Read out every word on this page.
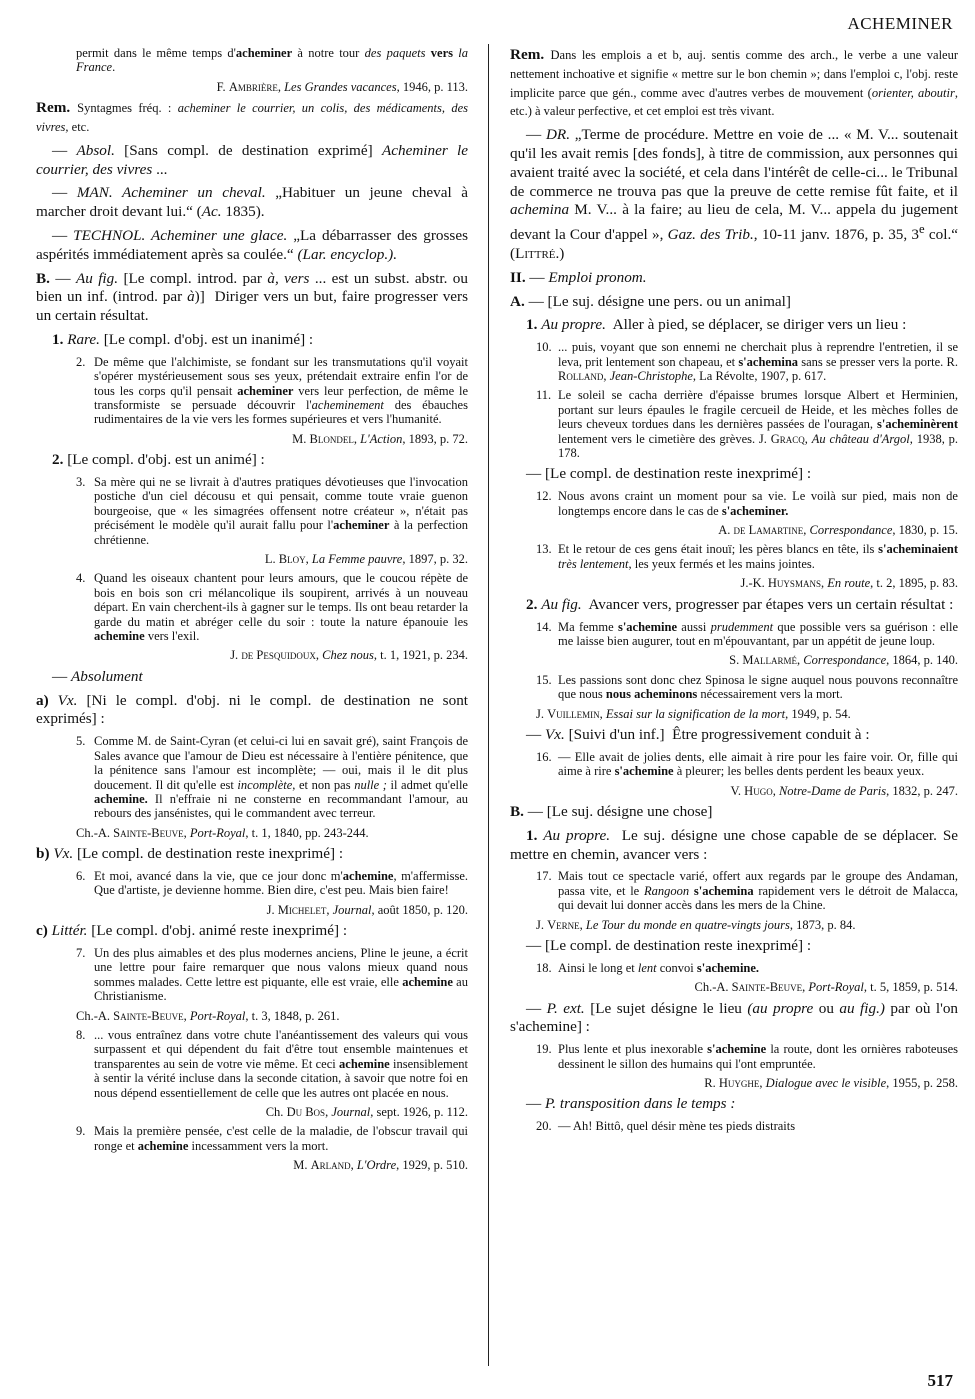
ACHEMINER
permit dans le même temps d'acheminer à notre tour des paquets vers la France.
F. Ambrière, Les Grandes vacances, 1946, p. 113.
Rem. Syntagmes fréq. : acheminer le courrier, un colis, des médicaments, des vivres, etc.
— Absol. [Sans compl. de destination exprimé] Acheminer le courrier, des vivres ...
— MAN. Acheminer un cheval. „Habituer un jeune cheval à marcher droit devant lui.“ (Ac. 1835).
— TECHNOL. Acheminer une glace. „La débarrasser des grosses aspérités immédiatement après sa coulée.“ (Lar. encyclop.).
B. — Au fig. [Le compl. introd. par à, vers ... est un subst. abstr. ou bien un inf. (introd. par à)]  Diriger vers un but, faire progresser vers un certain résultat.
1. Rare. [Le compl. d'obj. est un inanimé] :
2. De même que l'alchimiste, se fondant sur les transmutations qu'il voyait s'opérer mystérieusement sous ses yeux, prétendait extraire enfin l'or de tous les corps qu'il pensait acheminer vers leur perfection, de même le transformiste se persuade découvrir l'acheminement des ébauches rudimentaires de la vie vers les formes supérieures et vers l'humanité.
M. Blondel, L'Action, 1893, p. 72.
2. [Le compl. d'obj. est un animé] :
3. Sa mère qui ne se livrait à d'autres pratiques dévotieuses que l'invocation postiche d'un ciel décousu et qui pensait, comme toute vraie guenon bourgeoise, que « les simagrées offensent notre créateur », n'était pas précisément le modèle qu'il aurait fallu pour l'acheminer à la perfection chrétienne.
L. Bloy, La Femme pauvre, 1897, p. 32.
4. Quand les oiseaux chantent pour leurs amours, que le coucou répète de bois en bois son cri mélancolique ils soupirent, arrivés à un nouveau départ. En vain cherchent-ils à gagner sur le temps. Ils ont beau retarder la garde du matin et abréger celle du soir : toute la nature épanouie les achemine vers l'exil.
J. de Pesquidoux, Chez nous, t. 1, 1921, p. 234.
— Absolument
a) Vx. [Ni le compl. d'obj. ni le compl. de destination ne sont exprimés] :
5. Comme M. de Saint-Cyran (et celui-ci lui en savait gré), saint François de Sales avance que l'amour de Dieu est nécessaire à l'entière pénitence, que la pénitence sans l'amour est incomplète; — oui, mais il le dit plus doucement. Il dit qu'elle est incomplète, et non pas nulle ; il admet qu'elle achemine. Il n'effraie ni ne consterne en recommandant l'amour, au rebours des jansénistes, qui le commandent avec terreur.
Ch.-A. Sainte-Beuve, Port-Royal, t. 1, 1840, pp. 243-244.
b) Vx. [Le compl. de destination reste inexprimé] :
6. Et moi, avancé dans la vie, que ce jour donc m'achemine, m'affermisse. Que d'artiste, je devienne homme. Bien dire, c'est peu. Mais bien faire!
J. Michelet, Journal, août 1850, p. 120.
c) Littér. [Le compl. d'obj. animé reste inexprimé] :
7. Un des plus aimables et des plus modernes anciens, Pline le jeune, a écrit une lettre pour faire remarquer que nous valons mieux quand nous sommes malades. Cette lettre est piquante, elle est vraie, elle achemine au Christianisme.
Ch.-A. Sainte-Beuve, Port-Royal, t. 3, 1848, p. 261.
8. ... vous entraînez dans votre chute l'anéantissement des valeurs qui vous surpassent et qui dépendent du fait d'être tout ensemble maintenues et transparentes au sein de votre vie même. Et ceci achemine insensiblement à sentir la vérité incluse dans la seconde citation, à savoir que notre foi en nous dépend essentiellement de celle que les autres ont placée en nous.
Ch. Du Bos, Journal, sept. 1926, p. 112.
9. Mais la première pensée, c'est celle de la maladie, de l'obscur travail qui ronge et achemine incessamment vers la mort.
M. Arland, L'Ordre, 1929, p. 510.
Rem. Dans les emplois a et b, auj. sentis comme des arch., le verbe a une valeur nettement inchoative et signifie « mettre sur le bon chemin »; dans l'emploi c, l'obj. reste implicite parce que gén., comme avec d'autres verbes de mouvement (orienter, aboutir, etc.) à valeur perfective, et cet emploi est très vivant.
— DR. „Terme de procédure. Mettre en voie de ... « M. V... soutenait qu'il les avait remis [des fonds], à titre de commission, aux personnes qui avaient traité avec la société, et cela dans l'intérêt de celle-ci... le Tribunal de commerce ne trouva pas que la preuve de cette remise fût faite, et il achemina M. V... à la faire; au lieu de cela, M. V... appela du jugement devant la Cour d'appel », Gaz. des Trib., 10-11 janv. 1876, p. 35, 3e col.“ (Littré.)
II. — Emploi pronom.
A. — [Le suj. désigne une pers. ou un animal]
1. Au propre.  Aller à pied, se déplacer, se diriger vers un lieu :
10. ... puis, voyant que son ennemi ne cherchait plus à reprendre l'entretien, il se leva, prit lentement son chapeau, et s'achemina sans se presser vers la porte. R. Rolland, Jean-Christophe, La Révolte, 1907, p. 617.
11. Le soleil se cacha derrière d'épaisse brumes lorsque Albert et Herminien, portant sur leurs épaules le fragile cercueil de Heide, et les mèches folles de leurs cheveux tordues dans les dernières passées de l'ouragan, s'acheminèrent lentement vers le cimetière des grèves. J. Gracq, Au château d'Argol, 1938, p. 178.
— [Le compl. de destination reste inexprimé] :
12. Nous avons craint un moment pour sa vie. Le voilà sur pied, mais non de longtemps encore dans le cas de s'acheminer.
A. de Lamartine, Correspondance, 1830, p. 15.
13. Et le retour de ces gens était inouï; les pères blancs en tête, ils s'acheminaient très lentement, les yeux fermés et les mains jointes.
J.-K. Huysmans, En route, t. 2, 1895, p. 83.
2. Au fig.  Avancer vers, progresser par étapes vers un certain résultat :
14. Ma femme s'achemine aussi prudemment que possible vers sa guérison : elle me laisse bien augurer, tout en m'épouvantant, par un appétit de jeune loup.
S. Mallarmé, Correspondance, 1864, p. 140.
15. Les passions sont donc chez Spinosa le signe auquel nous pouvons reconnaître que nous nous acheminons nécessairement vers la mort.
J. Vuillemin, Essai sur la signification de la mort, 1949, p. 54.
— Vx. [Suivi d'un inf.]  Être progressivement conduit à :
16. — Elle avait de jolies dents, elle aimait à rire pour les faire voir. Or, fille qui aime à rire s'achemine à pleurer; les belles dents perdent les beaux yeux.
V. Hugo, Notre-Dame de Paris, 1832, p. 247.
B. — [Le suj. désigne une chose]
1. Au propre.  Le suj. désigne une chose capable de se déplacer. Se mettre en chemin, avancer vers :
17. Mais tout ce spectacle varié, offert aux regards par le groupe des Andaman, passa vite, et le Rangoon s'achemina rapidement vers le détroit de Malacca, qui devait lui donner accès dans les mers de la Chine.
J. Verne, Le Tour du monde en quatre-vingts jours, 1873, p. 84.
— [Le compl. de destination reste inexprimé] :
18. Ainsi le long et lent convoi s'achemine.
Ch.-A. Sainte-Beuve, Port-Royal, t. 5, 1859, p. 514.
— P. ext. [Le sujet désigne le lieu (au propre ou au fig.) par où l'on s'achemine] :
19. Plus lente et plus inexorable s'achemine la route, dont les ornières raboteuses dessinent le sillon des humains qui l'ont empruntée.
R. Huyghe, Dialogue avec le visible, 1955, p. 258.
— P. transposition dans le temps :
20. — Ah! Bittô, quel désir mène tes pieds distraits
517
